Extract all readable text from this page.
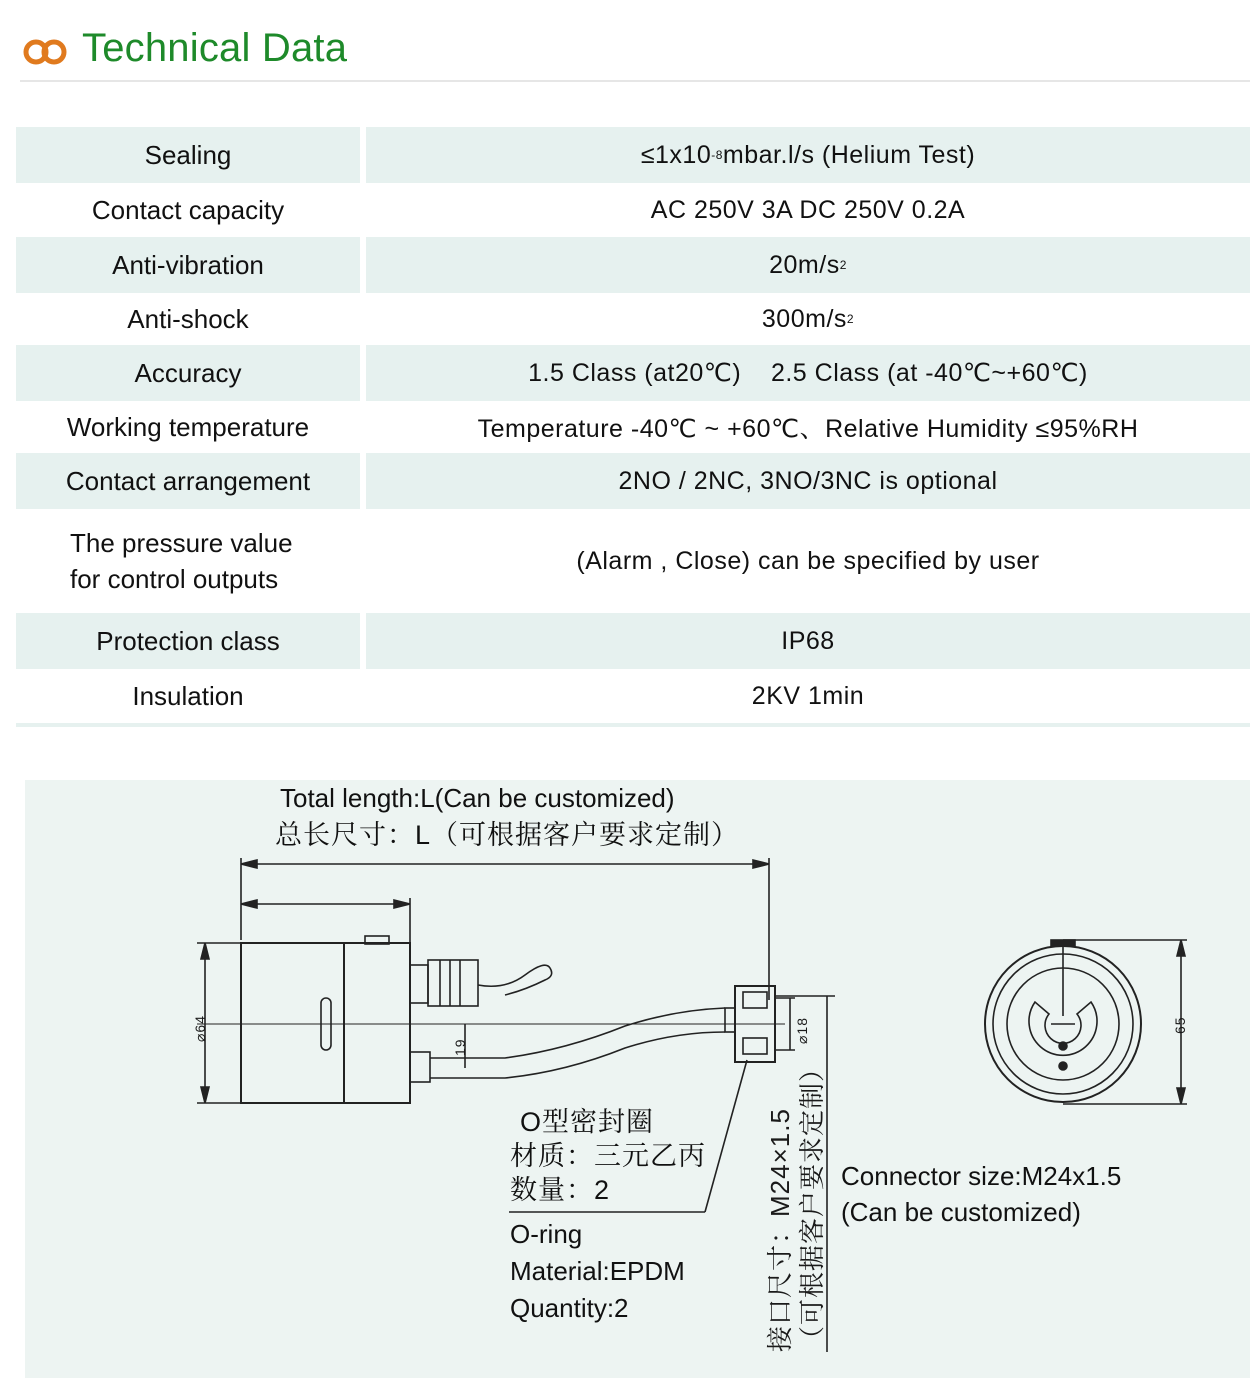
Technical Data
Sealing	≤1x10 -8 mbar.l/s (Helium Test)
Contact capacity	AC 250V 3A DC 250V 0.2A
Anti-vibration	20m/s 2
Anti-shock	300m/s 2
Accuracy	1.5 Class (at20℃)    2.5 Class (at -40℃~+60℃)
Working temperature	Temperature -40℃ ~ +60℃、Relative Humidity ≤95%RH
Contact arrangement	2NO / 2NC, 3NO/3NC is optional
The pressure value
for control outputs
(Alarm , Close) can be specified by user
Protection class	IP68
Insulation	2KV 1min
Total length:L(Can be customized)
总长尺寸：L（可根据客户要求定制）
⌀64
19
⌀18	65
O型密封圈
材质：三元乙丙
数量：2
O-ring
Material:EPDM
Quantity:2	接口尺寸：M24×1.5 （可根据客户要求定制） Connector size:M24x1.5
(Can be customized)
